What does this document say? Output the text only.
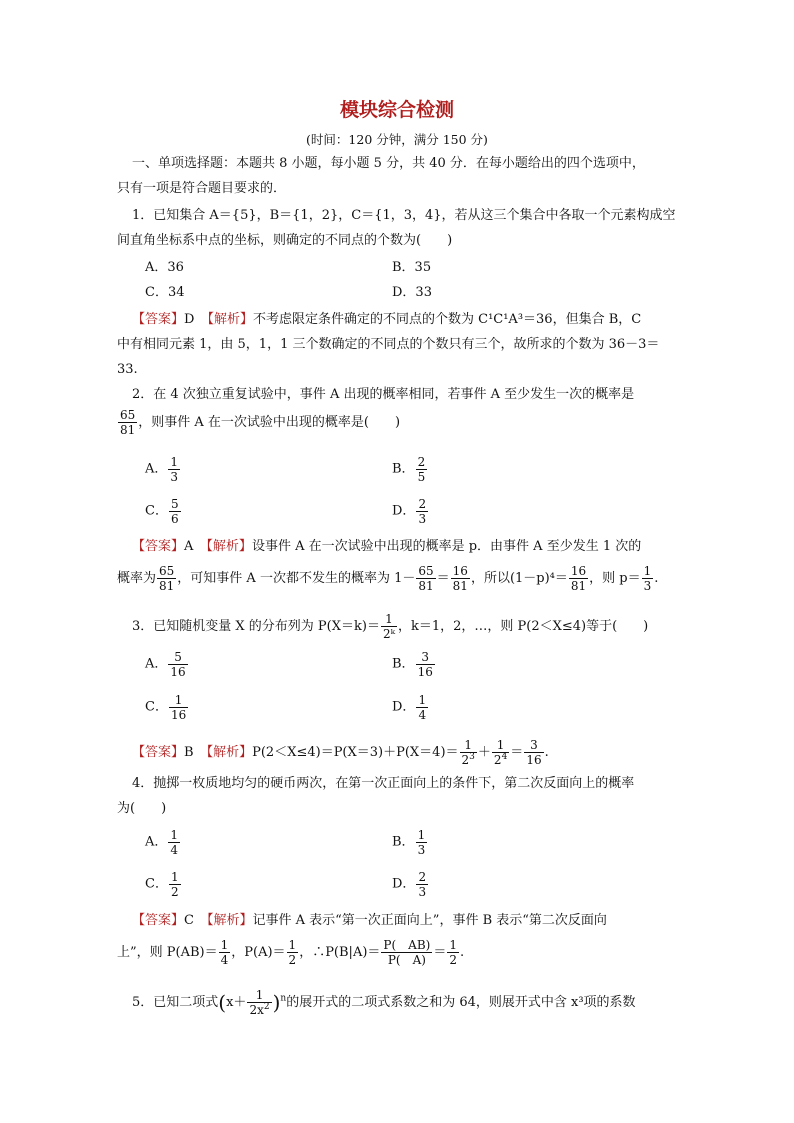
模块综合检测
(时间：120 分钟，满分 150 分)
一、单项选择题：本题共 8 小题，每小题 5 分，共 40 分．在每小题给出的四个选项中，
只有一项是符合题目要求的．
1．已知集合 A＝{5}，B＝{1，2}，C＝{1，3，4}，若从这三个集合中各取一个元素构成空
间直角坐标系中点的坐标，则确定的不同点的个数为(　　)
A．36	B．35
C．34	D．33
【答案】D　 【解析】不考虑限定条件确定的不同点的个数为 C¹C¹A³＝36，但集合 B，C
中有相同元素 1，由 5，1，1 三个数确定的不同点的个数只有三个，故所求的个数为 36－3＝
33.
2．在 4 次独立重复试验中，事件 A 出现的概率相同，若事件 A 至少发生一次的概率是
$\frac{65}{81}$ ，则事件 A 在一次试验中出现的概率是(　　)
A． $\frac{1}{3}$	B． $\frac{2}{5}$
C． $\frac{5}{6}$	D． $\frac{2}{3}$
【答案】A　 【解析】设事件 A 在一次试验中出现的概率是 p．由事件 A 至少发生 1 次的
概率为 $\frac{65}{81}$ ，可知事件 A 一次都不发生的概率为 $1- \frac{65}{81} = \frac{16}{81}$ ，所以$(1-p)^4= \frac{16}{81}$ ，则 $p= \frac{1}{3}$ .
3．已知随机变量 X 的分布列为 $P(X=k)= \frac{1}{\text{2ᵏ}}$ ，k＝1，2，…，则 P(2＜X≤4)等于(　　)
A． $\frac{5}{16}$	B． $\frac{3}{16}$
C． $\frac{1}{16}$	D． $\frac{1}{4}$
【答案】B　 【解析】$P(2<X\le 4)=P(X=3)+P(X=4)= \frac{1}{2^3} + \frac{1}{2^4} = \frac{3}{16}$ .
4．抛掷一枚质地均匀的硬币两次，在第一次正面向上的条件下，第二次反面向上的概率
为(　　)
A． $\frac{1}{4}$	B． $\frac{1}{3}$
C． $\frac{1}{2}$	D． $\frac{2}{3}$
【答案】C　 【解析】记事件 A 表示“第一次正面向上”，事件 B 表示“第二次反面向
上”，则 $P(AB)= \frac{1}{4}$ ，$P(A)= \frac{1}{2}$ ，∴P(B|A)＝ $\frac{P( AB)}{P( A)} = \frac{1}{2}$ .
5．已知二项式$(x+ \frac{1}{2x^2} )^n$的展开式的二项式系数之和为 64，则展开式中含 x³项的系数
